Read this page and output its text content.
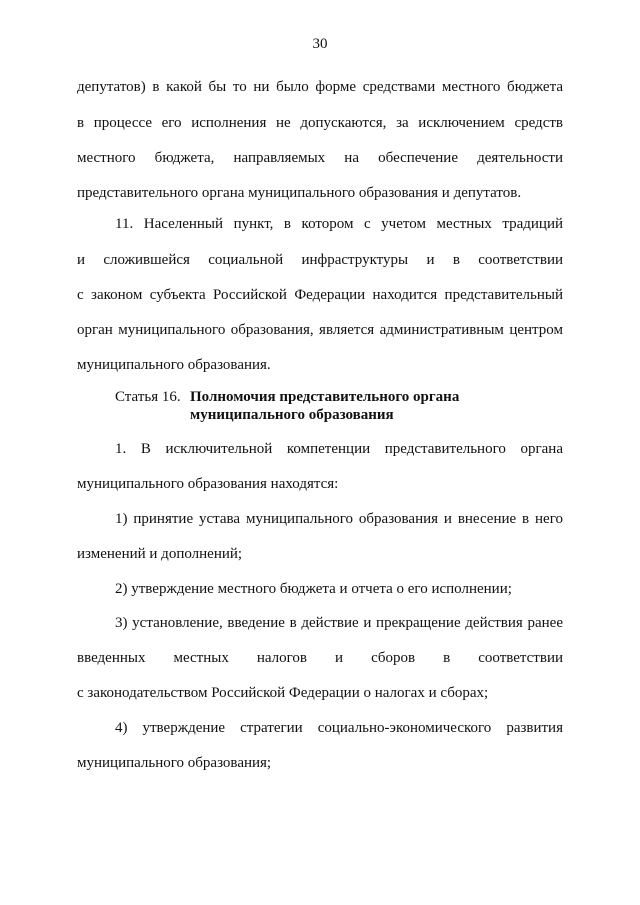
30
депутатов) в какой бы то ни было форме средствами местного бюджета
в процессе его исполнения не допускаются, за исключением средств
местного бюджета, направляемых на обеспечение деятельности
представительного органа муниципального образования и депутатов.
11. Населенный пункт, в котором с учетом местных традиций
и сложившейся социальной инфраструктуры и в соответствии
с законом субъекта Российской Федерации находится представительный
орган муниципального образования, является административным центром
муниципального образования.
Статья 16. Полномочия представительного органа
муниципального образования
1. В исключительной компетенции представительного органа
муниципального образования находятся:
1) принятие устава муниципального образования и внесение в него
изменений и дополнений;
2) утверждение местного бюджета и отчета о его исполнении;
3) установление, введение в действие и прекращение действия ранее
введенных местных налогов и сборов в соответствии
с законодательством Российской Федерации о налогах и сборах;
4) утверждение стратегии социально-экономического развития
муниципального образования;
